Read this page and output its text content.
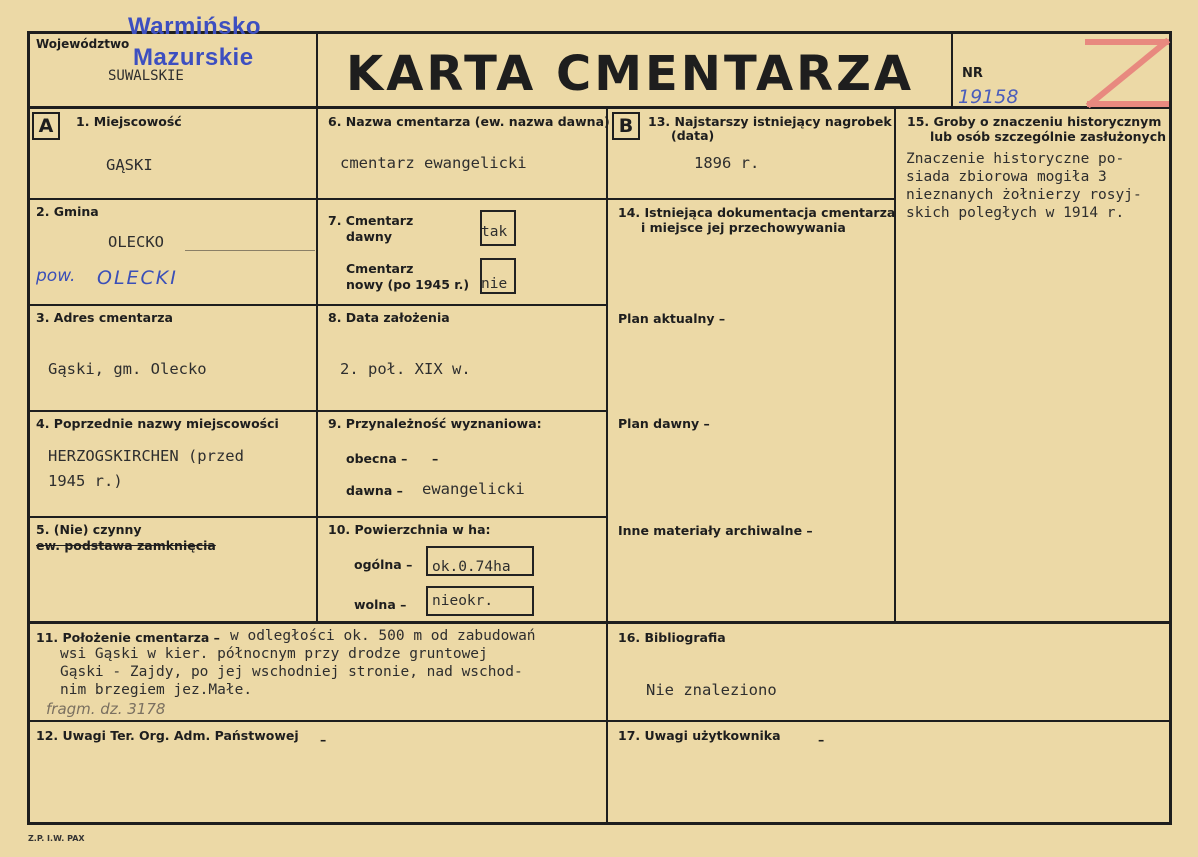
Województwo
Warmińsko
Mazurskie
SUWALSKIE	KARTA CMENTARZA	NR
19158
A	1. Miejscowość
GĄSKI
2. Gmina
OLECKO
pow. OLECKI
3. Adres cmentarza
Gąski, gm. Olecko
4. Poprzednie nazwy miejscowości
HERZOGSKIRCHEN (przed
1945 r.)
5. (Nie) czynny
ew. podstawa zamknięcia
6. Nazwa cmentarza (ew. nazwa dawna)
cmentarz ewangelicki
7. Cmentarz
dawny	tak
Cmentarz
nowy (po 1945 r.) nie
8. Data założenia
2. poł. XIX w.
9. Przynależność wyznaniowa:
obecna – –
dawna – ewangelicki
10. Powierzchnia w ha:
ogólna – ok.0.74ha
wolna – nieokr.
B	13. Najstarszy istniejący nagrobek
(data)
1896 r.
14. Istniejąca dokumentacja cmentarza
i miejsce jej przechowywania
Plan aktualny –
Plan dawny –
Inne materiały archiwalne –
15. Groby o znaczeniu historycznym
lub osób szczególnie zasłużonych
Znaczenie historyczne po-
siada zbiorowa mogiła 3
nieznanych żołnierzy rosyj-
skich poległych w 1914 r.
11. Położenie cmentarza – w odległości ok. 500 m od zabudowań
wsi Gąski w kier. północnym przy drodze gruntowej
Gąski - Zajdy, po jej wschodniej stronie, nad wschod-
nim brzegiem jez.Małe.
fragm. dz. 3178
16. Bibliografia
Nie znaleziono
12. Uwagi Ter. Org. Adm. Państwowej –	17. Uwagi użytkownika	–
Z.P. I.W. PAX
